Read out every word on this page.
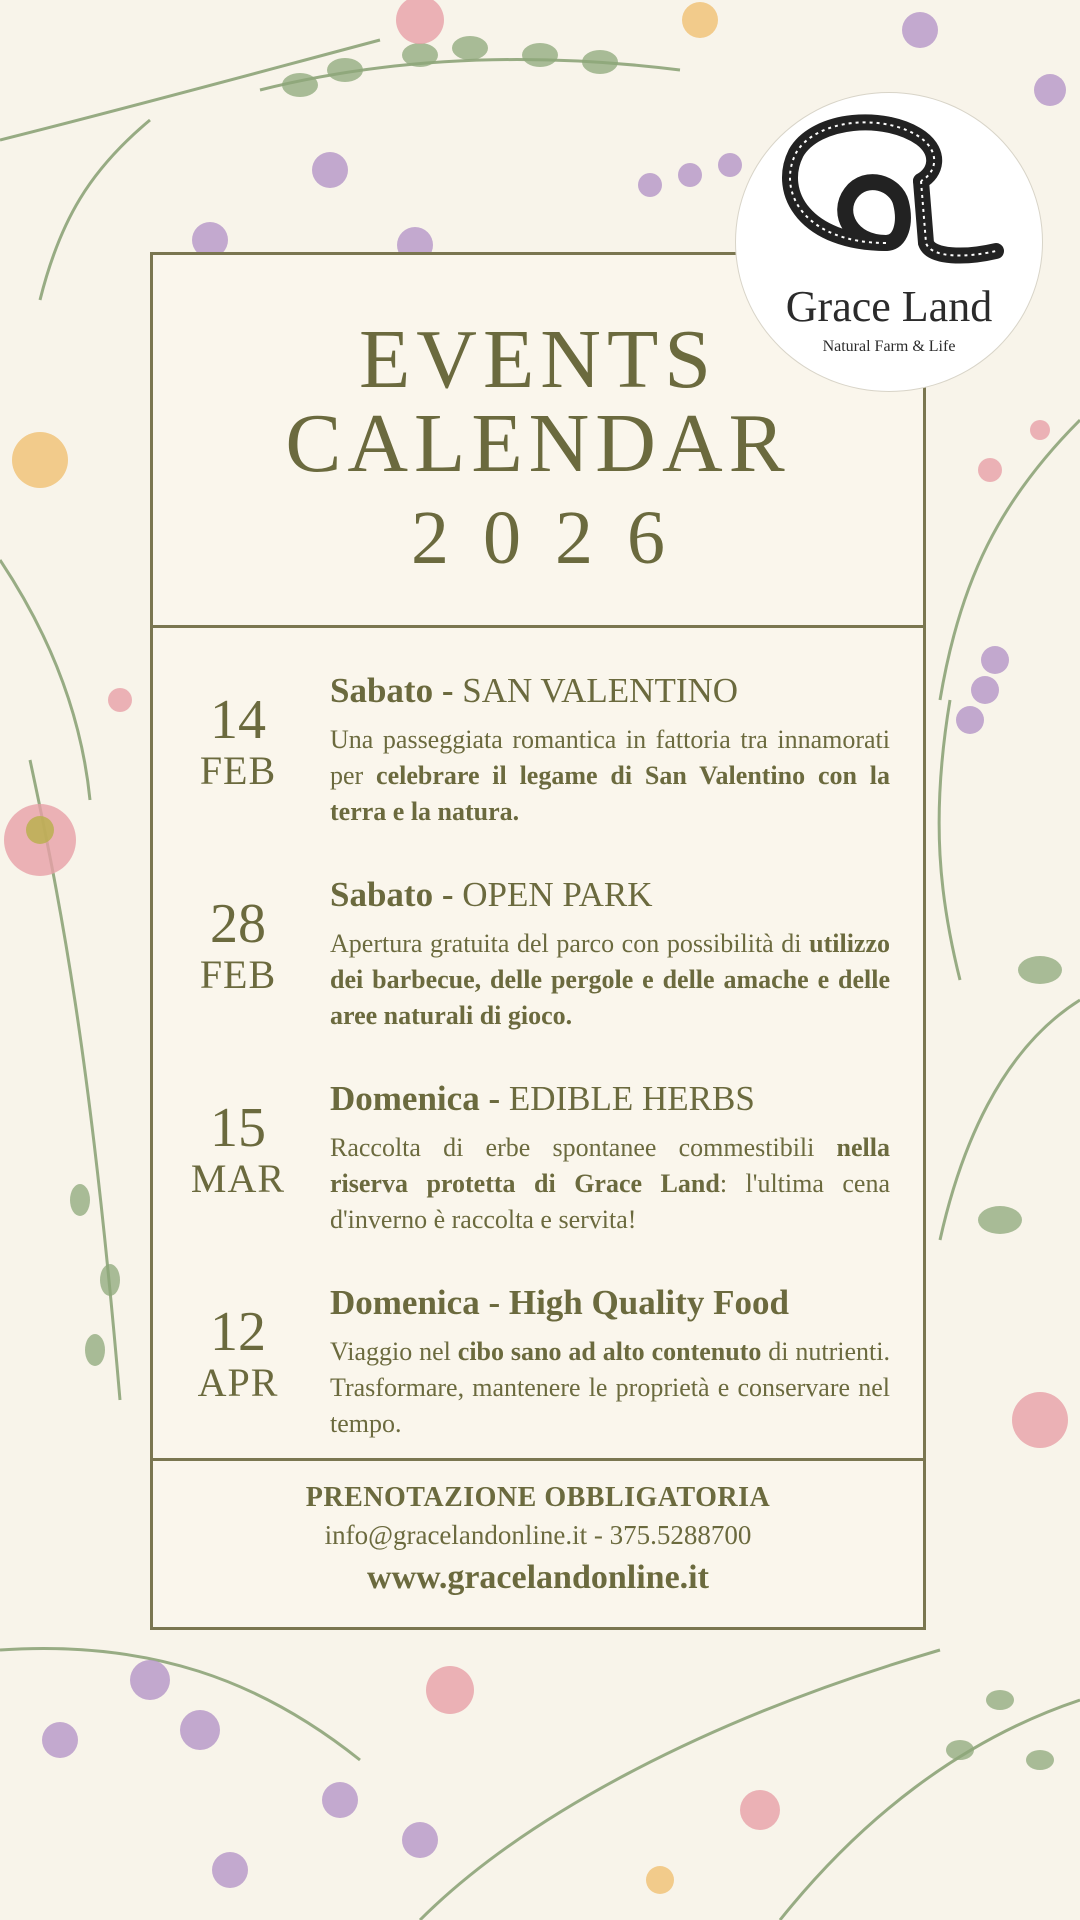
EVENTS
CALENDAR
2026
14
FEB
Sabato - SAN VALENTINO
Una passeggiata romantica in fattoria tra innamorati per celebrare il legame di San Valentino con la terra e la natura.
28
FEB
Sabato - OPEN PARK
Apertura gratuita del parco con possibilità di utilizzo dei barbecue, delle pergole e delle amache e delle aree naturali di gioco.
15
MAR
Domenica - EDIBLE HERBS
Raccolta di erbe spontanee commestibili nella riserva protetta di Grace Land: l'ultima cena d'inverno è raccolta e servita!
12
APR
Domenica - High Quality Food
Viaggio nel cibo sano ad alto contenuto di nutrienti. Trasformare, mantenere le proprietà e conservare nel tempo.
PRENOTAZIONE OBBLIGATORIA
info@gracelandonline.it - 375.5288700
www.gracelandonline.it
Grace Land
Natural Farm & Life
